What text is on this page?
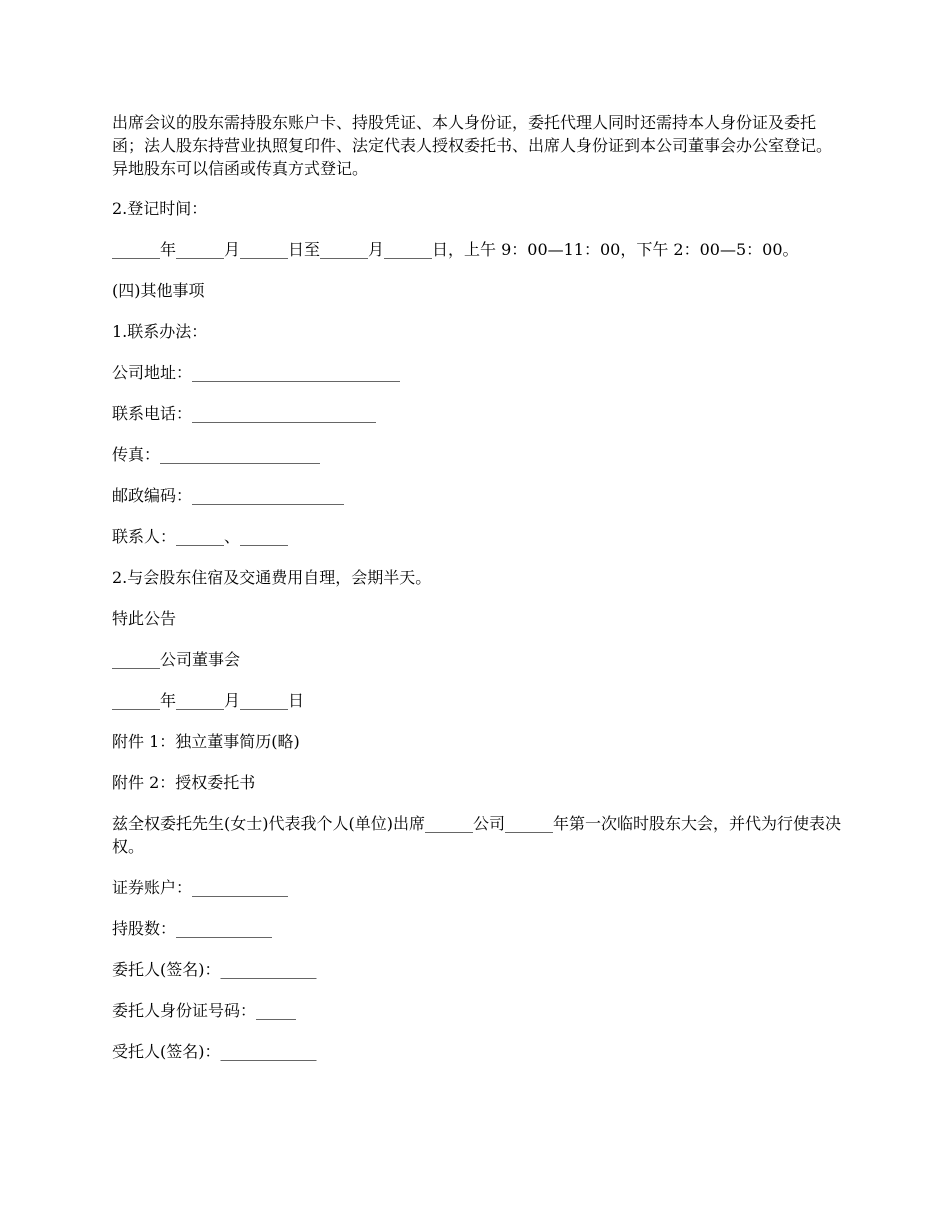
出席会议的股东需持股东账户卡、持股凭证、本人身份证，委托代理人同时还需持本人身份证及委托函；法人股东持营业执照复印件、法定代表人授权委托书、出席人身份证到本公司董事会办公室登记。异地股东可以信函或传真方式登记。

2.登记时间：

______年______月______日至______月______日，上午 9：00—11：00，下午 2：00—5：00。

(四)其他事项

1.联系办法：

公司地址：__________________________

联系电话：_______________________

传真：____________________

邮政编码：___________________

联系人：______、______

2.与会股东住宿及交通费用自理，会期半天。

特此公告

______公司董事会

______年______月______日

附件 1：独立董事简历(略)

附件 2：授权委托书

兹全权委托先生(女士)代表我个人(单位)出席______公司______年第一次临时股东大会，并代为行使表决权。

证券账户：____________

持股数：____________

委托人(签名)：____________

委托人身份证号码：_____

受托人(签名)：____________
